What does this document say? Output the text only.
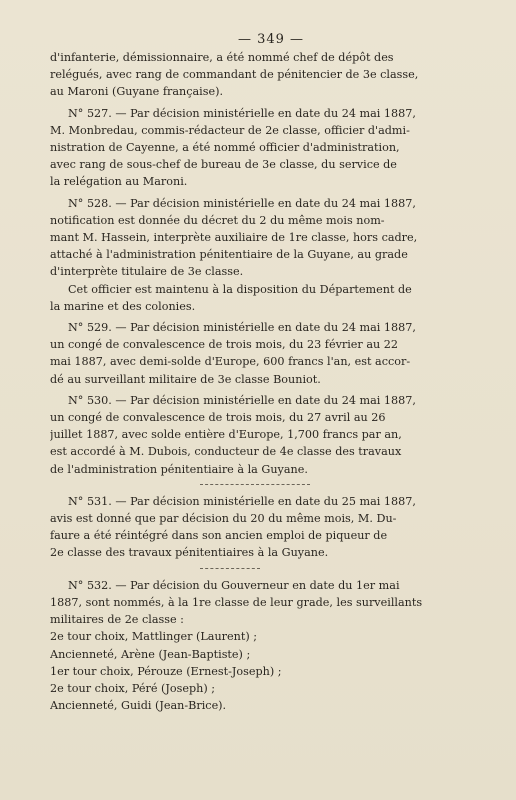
— 349 —
d'infanterie, démissionnaire, a été nommé chef de dépôt des
relégués, avec rang de commandant de pénitencier de 3e classe,
au Maroni (Guyane française).
N° 527. — Par décision ministérielle en date du 24 mai 1887,
M. Monbredau, commis-rédacteur de 2e classe, officier d'admi-
nistration de Cayenne, a été nommé officier d'administration,
avec rang de sous-chef de bureau de 3e classe, du service de
la relégation au Maroni.
N° 528. — Par décision ministérielle en date du 24 mai 1887,
notification est donnée du décret du 2 du même mois nom-
mant M. Hassein, interprète auxiliaire de 1re classe, hors cadre,
attaché à l'administration pénitentiaire de la Guyane, au grade
d'interprète titulaire de 3e classe.
Cet officier est maintenu à la disposition du Département de
la marine et des colonies.
N° 529. — Par décision ministérielle en date du 24 mai 1887,
un congé de convalescence de trois mois, du 23 février au 22
mai 1887, avec demi-solde d'Europe, 600 francs l'an, est accor-
dé au surveillant militaire de 3e classe Bouniot.
N° 530. — Par décision ministérielle en date du 24 mai 1887,
un congé de convalescence de trois mois, du 27 avril au 26
juillet 1887, avec solde entière d'Europe, 1,700 francs par an,
est accordé à M. Dubois, conducteur de 4e classe des travaux
de l'administration pénitentiaire à la Guyane.
N° 531. — Par décision ministérielle en date du 25 mai 1887,
avis est donné que par décision du 20 du même mois, M. Du-
faure a été réintégré dans son ancien emploi de piqueur de
2e classe des travaux pénitentiaires à la Guyane.
N° 532. — Par décision du Gouverneur en date du 1er mai
1887, sont nommés, à la 1re classe de leur grade, les surveillants
militaires de 2e classe :
2e tour choix, Mattlinger (Laurent) ;
Ancienneté, Arène (Jean-Baptiste) ;
1er tour choix, Pérouze (Ernest-Joseph) ;
2e tour choix, Péré (Joseph) ;
Ancienneté, Guidi (Jean-Brice).
